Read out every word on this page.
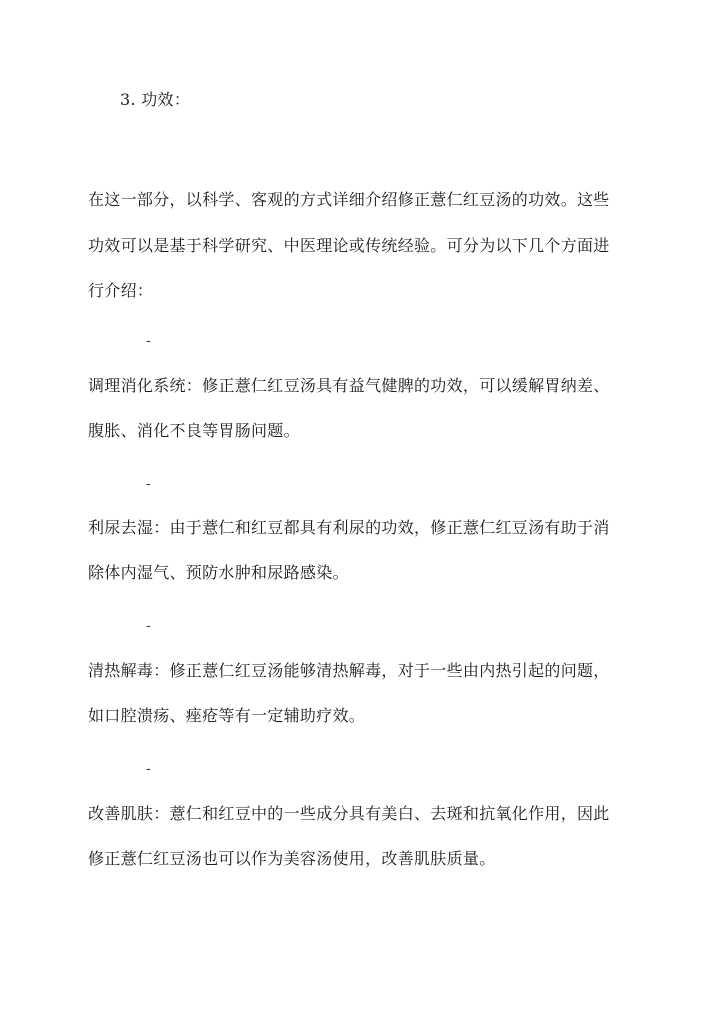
3. 功效：
在这一部分，以科学、客观的方式详细介绍修正薏仁红豆汤的功效。这些
功效可以是基于科学研究、中医理论或传统经验。可分为以下几个方面进
行介绍：
-
调理消化系统：修正薏仁红豆汤具有益气健脾的功效，可以缓解胃纳差、
腹胀、消化不良等胃肠问题。
-
利尿去湿：由于薏仁和红豆都具有利尿的功效，修正薏仁红豆汤有助于消
除体内湿气、预防水肿和尿路感染。
-
清热解毒：修正薏仁红豆汤能够清热解毒，对于一些由内热引起的问题，
如口腔溃疡、痤疮等有一定辅助疗效。
-
改善肌肤：薏仁和红豆中的一些成分具有美白、去斑和抗氧化作用，因此
修正薏仁红豆汤也可以作为美容汤使用，改善肌肤质量。
